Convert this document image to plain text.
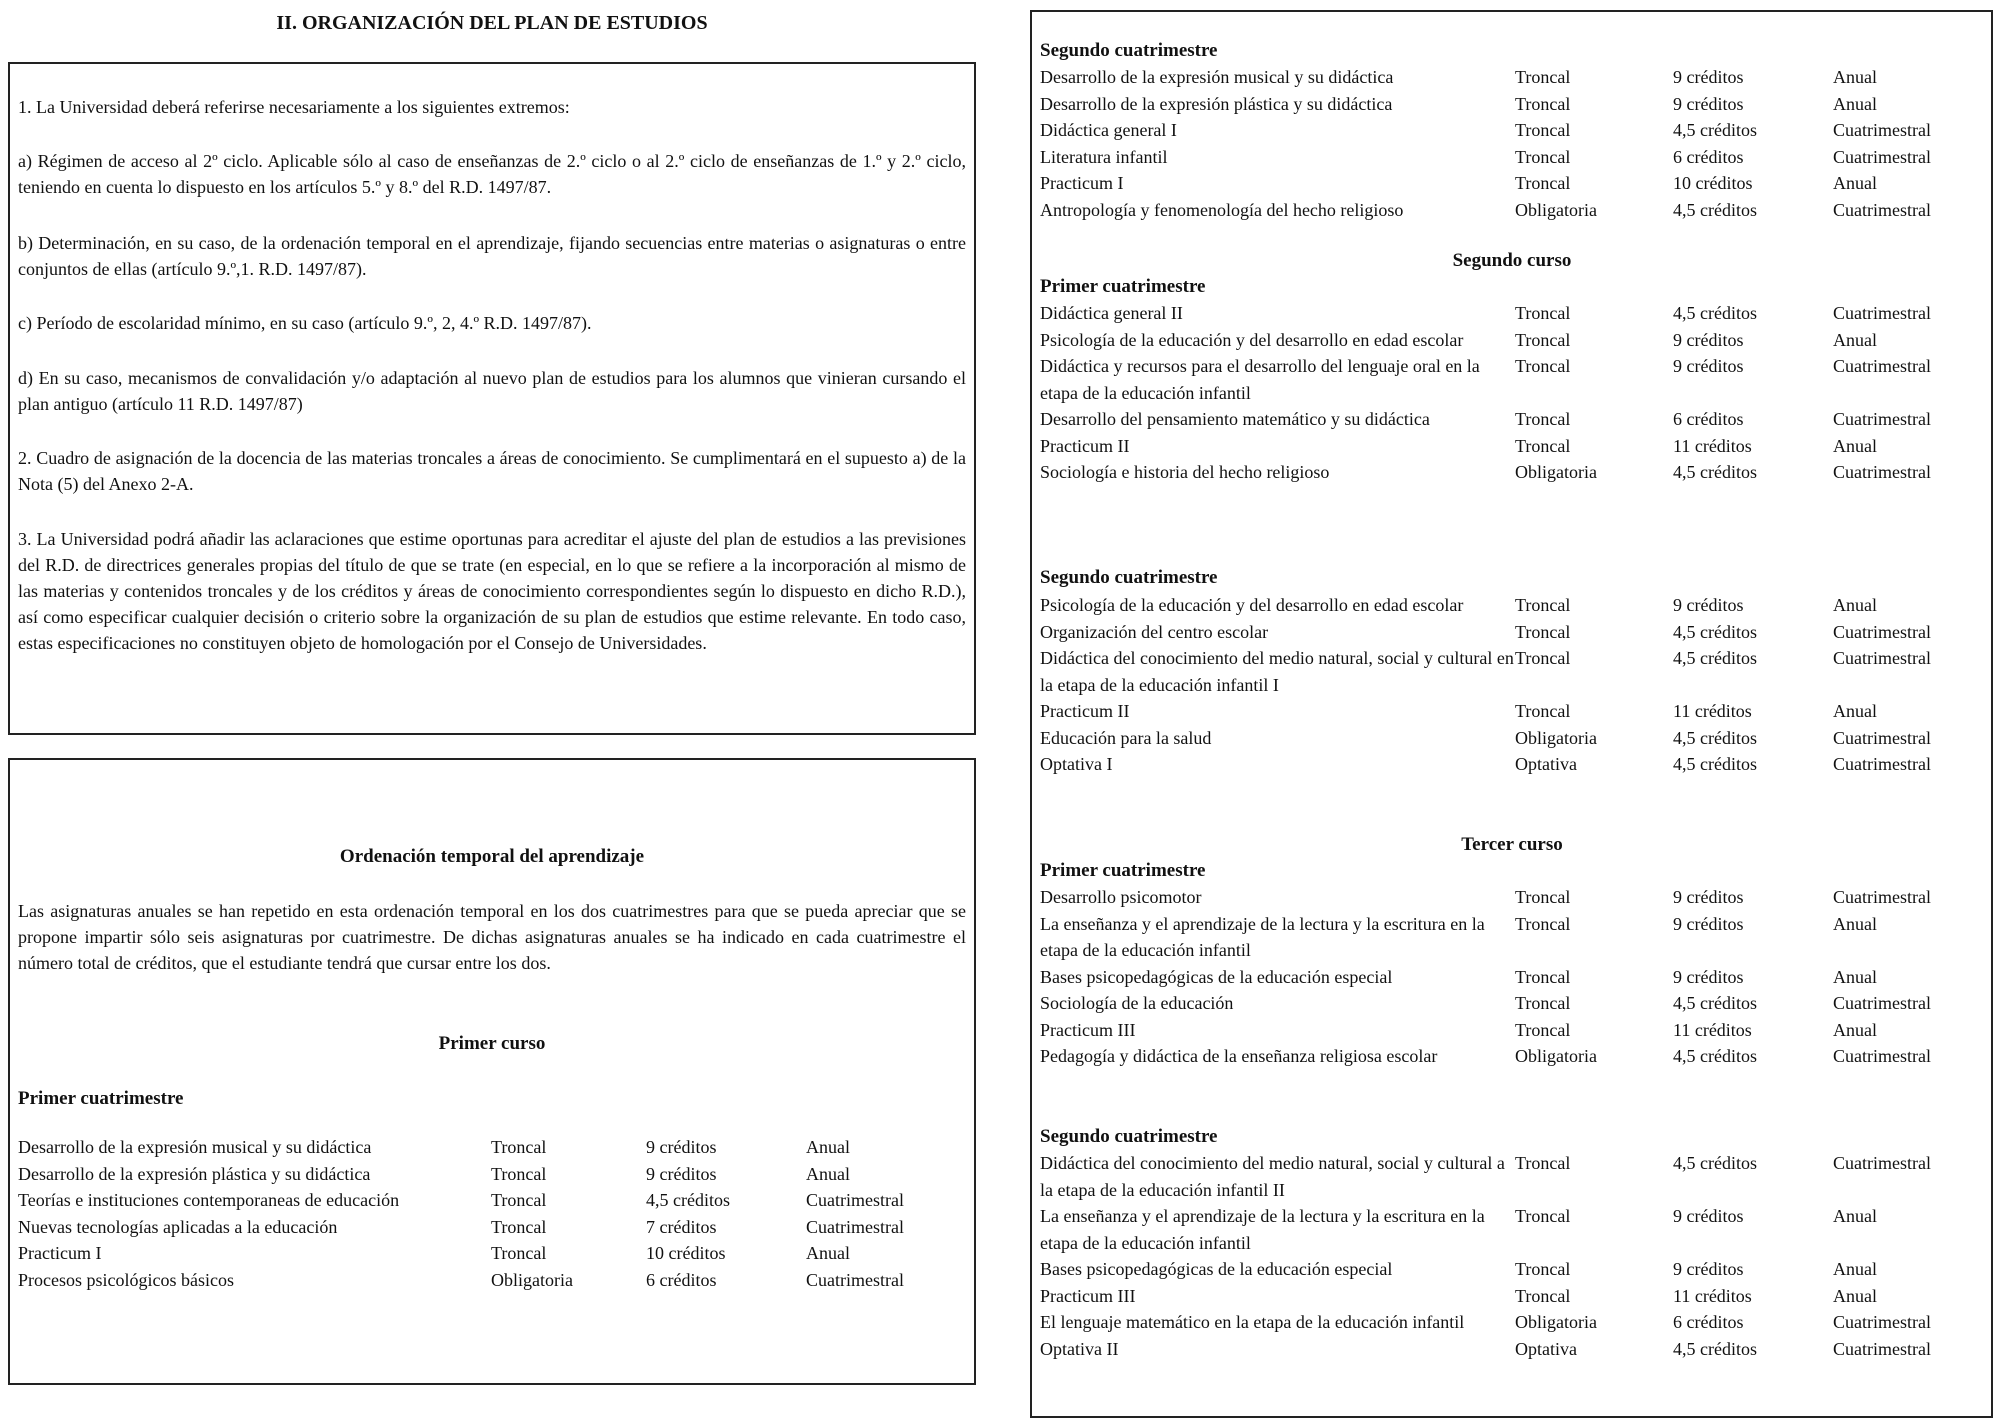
II. ORGANIZACIÓN DEL PLAN DE ESTUDIOS
1. La Universidad deberá referirse necesariamente a los siguientes extremos:
a) Régimen de acceso al 2º ciclo. Aplicable sólo al caso de enseñanzas de 2.º ciclo o al 2.º ciclo de enseñanzas de 1.º y 2.º ciclo, teniendo en cuenta lo dispuesto en los artículos 5.º y 8.º del R.D. 1497/87.
b) Determinación, en su caso, de la ordenación temporal en el aprendizaje, fijando secuencias entre materias o asignaturas o entre conjuntos de ellas (artículo 9.º,1. R.D. 1497/87).
c) Período de escolaridad mínimo, en su caso (artículo 9.º, 2, 4.º R.D. 1497/87).
d) En su caso, mecanismos de convalidación y/o adaptación al nuevo plan de estudios para los alumnos que vinieran cursando el plan antiguo (artículo 11 R.D. 1497/87)
2. Cuadro de asignación de la docencia de las materias troncales a áreas de conocimiento. Se cumplimentará en el supuesto a) de la Nota (5) del Anexo 2-A.
3. La Universidad podrá añadir las aclaraciones que estime oportunas para acreditar el ajuste del plan de estudios a las previsiones del R.D. de directrices generales propias del título de que se trate (en especial, en lo que se refiere a la incorporación al mismo de las materias y contenidos troncales y de los créditos y áreas de conocimiento correspondientes según lo dispuesto en dicho R.D.), así como especificar cualquier decisión o criterio sobre la organización de su plan de estudios que estime relevante. En todo caso, estas especificaciones no constituyen objeto de homologación por el Consejo de Universidades.
Ordenación temporal del aprendizaje
Las asignaturas anuales se han repetido en esta ordenación temporal en los dos cuatrimestres para que se pueda apreciar que se propone impartir sólo seis asignaturas por cuatrimestre. De dichas asignaturas anuales se ha indicado en cada cuatrimestre el número total de créditos, que el estudiante tendrá que cursar entre los dos.
Primer curso
Primer cuatrimestre
Desarrollo de la expresión musical y su didáctica	Troncal	9 créditos	Anual
Desarrollo de la expresión plástica y su didáctica	Troncal	9 créditos	Anual
Teorías e instituciones contemporaneas de educación	Troncal	4,5 créditos	Cuatrimestral
Nuevas tecnologías aplicadas a la educación	Troncal	7 créditos	Cuatrimestral
Practicum I	Troncal	10 créditos	Anual
Procesos psicológicos básicos	Obligatoria	6 créditos	Cuatrimestral
Segundo cuatrimestre
Desarrollo de la expresión musical y su didáctica	Troncal	9 créditos	Anual
Desarrollo de la expresión plástica y su didáctica	Troncal	9 créditos	Anual
Didáctica general I	Troncal	4,5 créditos	Cuatrimestral
Literatura infantil	Troncal	6 créditos	Cuatrimestral
Practicum I	Troncal	10 créditos	Anual
Antropología y fenomenología del hecho religioso	Obligatoria	4,5 créditos	Cuatrimestral
Segundo curso
Primer cuatrimestre
Didáctica general II	Troncal	4,5 créditos	Cuatrimestral
Psicología de la educación y del desarrollo en edad escolar	Troncal	9 créditos	Anual
Didáctica y recursos para el desarrollo del lenguaje oral en la etapa de la educación infantil
Troncal	9 créditos	Cuatrimestral
Desarrollo del pensamiento matemático y su didáctica	Troncal	6 créditos	Cuatrimestral
Practicum II	Troncal	11 créditos	Anual
Sociología e historia del hecho religioso	Obligatoria	4,5 créditos	Cuatrimestral
Segundo cuatrimestre
Psicología de la educación y del desarrollo en edad escolar	Troncal	9 créditos	Anual
Organización del centro escolar	Troncal	4,5 créditos	Cuatrimestral
Didáctica del conocimiento del medio natural, social y cultural en la etapa de la educación infantil I
Troncal	4,5 créditos	Cuatrimestral
Practicum II	Troncal	11 créditos	Anual
Educación para la salud	Obligatoria	4,5 créditos	Cuatrimestral
Optativa I	Optativa	4,5 créditos	Cuatrimestral
Tercer curso
Primer cuatrimestre
Desarrollo psicomotor	Troncal	9 créditos	Cuatrimestral
La enseñanza y el aprendizaje de la lectura y la escritura en la etapa de la educación infantil
Troncal	9 créditos	Anual
Bases psicopedagógicas de la educación especial	Troncal	9 créditos	Anual
Sociología de la educación	Troncal	4,5 créditos	Cuatrimestral
Practicum III	Troncal	11 créditos	Anual
Pedagogía y didáctica de la enseñanza religiosa escolar	Obligatoria	4,5 créditos	Cuatrimestral
Segundo cuatrimestre
Didáctica del conocimiento del medio natural, social y cultural a la etapa de la educación infantil II
Troncal	4,5 créditos	Cuatrimestral
La enseñanza y el aprendizaje de la lectura y la escritura en la etapa de la educación infantil
Troncal	9 créditos	Anual
Bases psicopedagógicas de la educación especial	Troncal	9 créditos	Anual
Practicum III	Troncal	11 créditos	Anual
El lenguaje matemático en la etapa de la educación infantil	Obligatoria	6 créditos	Cuatrimestral
Optativa II	Optativa	4,5 créditos	Cuatrimestral
